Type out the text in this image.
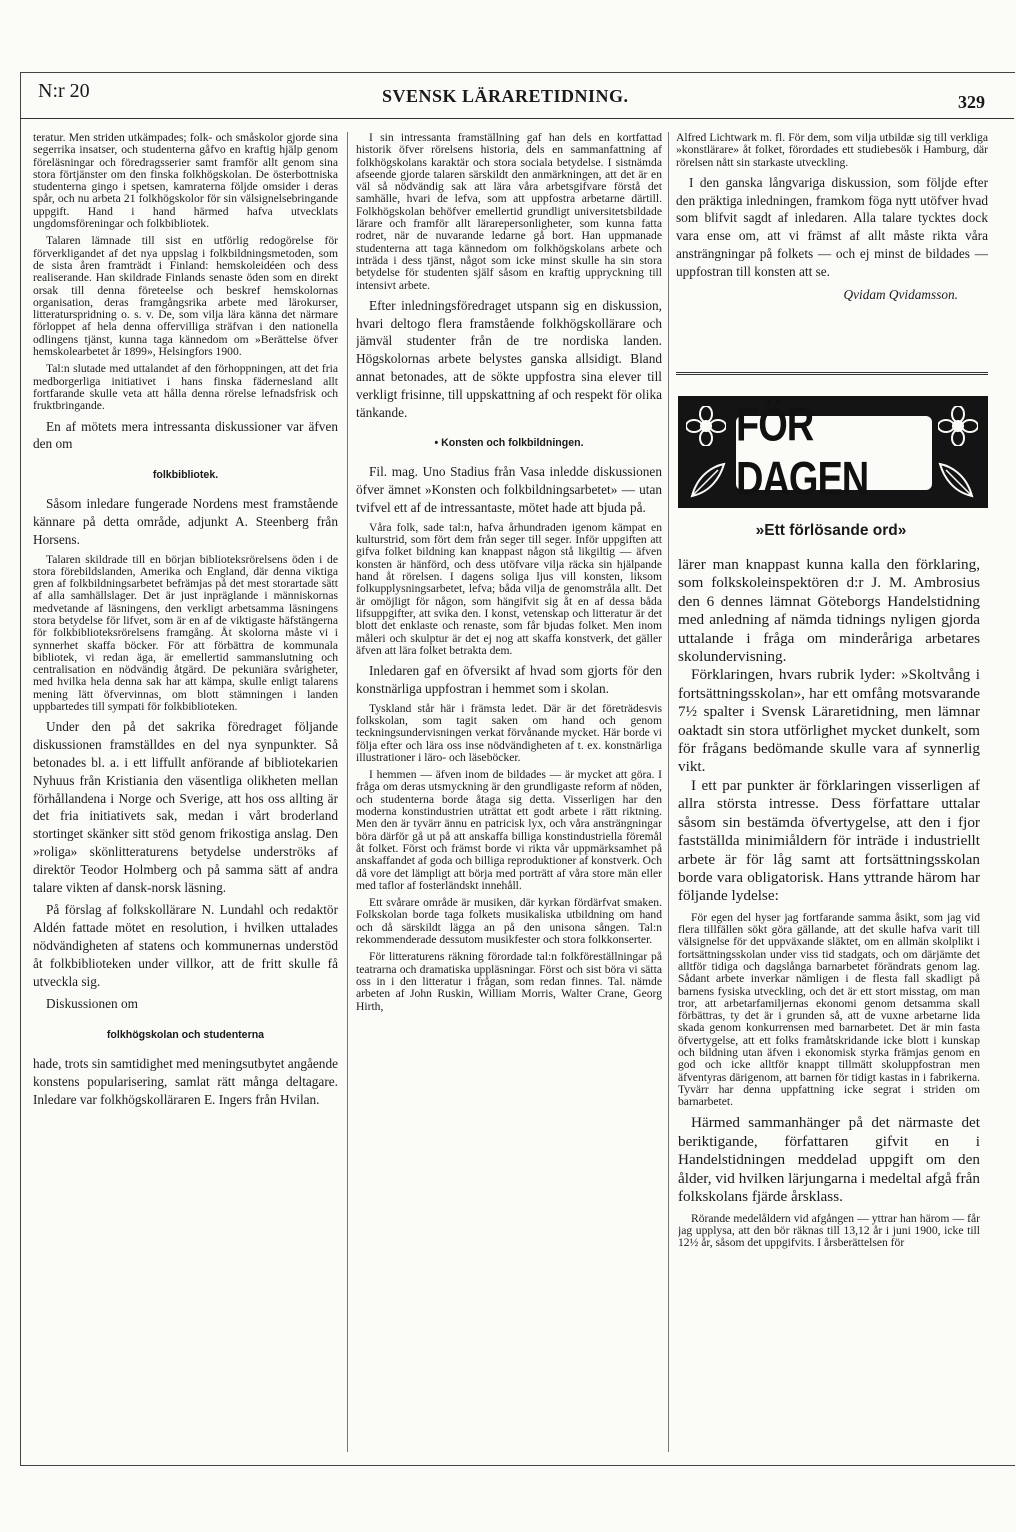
N:r 20	SVENSK LÄRARETIDNING.	329

teratur. Men striden utkämpades; folk- och småskolor gjorde sina segerrika insatser, och studenterna gåfvo en kraftig hjälp genom föreläsningar och föredragsserier samt framför allt genom sina stora förtjänster om den finska folkhögskolan. De österbottniska studenterna gingo i spetsen, kamraterna följde omsider i deras spår, och nu arbeta 21 folkhögskolor för sin välsignelsebringande uppgift. Hand i hand härmed hafva utvecklats ungdomsföreningar och folkbibliotek.

Talaren lämnade till sist en utförlig redogörelse för förverkligandet af det nya uppslag i folkbildningsmetoden, som de sista åren framträdt i Finland: hemskoleidéen och dess realiserande. Han skildrade Finlands senaste öden som en direkt orsak till denna företeelse och beskref hemskolornas organisation, deras framgångsrika arbete med lärokurser, litteraturspridning o. s. v. De, som vilja lära känna det närmare förloppet af hela denna offervilliga sträfvan i den nationella odlingens tjänst, kunna taga kännedom om »Berättelse öfver hemskolearbetet år 1899», Helsingfors 1900.

Tal:n slutade med uttalandet af den förhoppningen, att det fria medborgerliga initiativet i hans finska fädernesland allt fortfarande skulle veta att hålla denna rörelse lefnadsfrisk och fruktbringande.

En af mötets mera intressanta diskussioner var äfven den om

folkbibliotek.

Såsom inledare fungerade Nordens mest framstående kännare på detta område, adjunkt A. Steenberg från Horsens.

Talaren skildrade till en början biblioteksrörelsens öden i de stora förebildslanden, Amerika och England, där denna viktiga gren af folkbildningsarbetet befrämjas på det mest storartade sätt af alla samhällslager. Det är just inpräglande i människornas medvetande af läsningens, den verkligt arbetsamma läsningens stora betydelse för lifvet, som är en af de viktigaste häfstängerna för folkbiblioteksrörelsens framgång. Åt skolorna måste vi i synnerhet skaffa böcker. För att förbättra de kommunala bibliotek, vi redan äga, är emellertid sammanslutning och centralisation en nödvändig åtgärd. De pekuniära svårigheter, med hvilka hela denna sak har att kämpa, skulle enligt talarens mening lätt öfvervinnas, om blott stämningen i landen uppbartedes till sympati för folkbiblioteken.

Under den på det sakrika föredraget följande diskussionen framställdes en del nya synpunkter. Så betonades bl. a. i ett liffullt anförande af bibliotekarien Nyhuus från Kristiania den väsentliga olikheten mellan förhållandena i Norge och Sverige, att hos oss allting är det fria initiativets sak, medan i vårt broderland stortinget skänker sitt stöd genom frikostiga anslag. Den »roliga» skönlitteraturens betydelse underströks af direktör Teodor Holmberg och på samma sätt af andra talare vikten af dansk-norsk läsning.

På förslag af folkskollärare N. Lundahl och redaktör Aldén fattade mötet en resolution, i hvilken uttalades nödvändigheten af statens och kommunernas understöd åt folkbiblioteken under villkor, att de fritt skulle få utveckla sig.

Diskussionen om

folkhögskolan och studenterna

hade, trots sin samtidighet med meningsutbytet angående konstens popularisering, samlat rätt många deltagare. Inledare var folkhögskolläraren E. Ingers från Hvilan.

I sin intressanta framställning gaf han dels en kortfattad historik öfver rörelsens historia, dels en sammanfattning af folkhögskolans karaktär och stora sociala betydelse. I sistnämda afseende gjorde talaren särskildt den anmärkningen, att det är en väl så nödvändig sak att lära våra arbetsgifvare förstå det samhälle, hvari de lefva, som att uppfostra arbetarne därtill. Folkhögskolan behöfver emellertid grundligt universitetsbildade lärare och framför allt lärarepersonligheter, som kunna fatta rodret, när de nuvarande ledarne gå bort. Han uppmanade studenterna att taga kännedom om folkhögskolans arbete och inträda i dess tjänst, något som icke minst skulle ha sin stora betydelse för studenten själf såsom en kraftig uppryckning till intensivt arbete.

Efter inledningsföredraget utspann sig en diskussion, hvari deltogo flera framstående folkhögskollärare och jämväl studenter från de tre nordiska landen. Högskolornas arbete belystes ganska allsidigt. Bland annat betonades, att de sökte uppfostra sina elever till verkligt frisinne, till uppskattning af och respekt för olika tänkande.

• Konsten och folkbildningen.

Fil. mag. Uno Stadius från Vasa inledde diskussionen öfver ämnet »Konsten och folkbildningsarbetet» — utan tvifvel ett af de intressantaste, mötet hade att bjuda på.

Våra folk, sade tal:n, hafva århundraden igenom kämpat en kulturstrid, som fört dem från seger till seger. Inför uppgiften att gifva folket bildning kan knappast någon stå likgiltig — äfven konsten är hänförd, och dess utöfvare vilja räcka sin hjälpande hand åt rörelsen. I dagens soliga ljus vill konsten, liksom folkupplysningsarbetet, lefva; båda vilja de genomstråla allt. Det är omöjligt för någon, som hängifvit sig åt en af dessa båda lifsuppgifter, att svika den. I konst, vetenskap och litteratur är det blott det enklaste och renaste, som får bjudas folket. Men inom måleri och skulptur är det ej nog att skaffa konstverk, det gäller äfven att lära folket betrakta dem.

Inledaren gaf en öfversikt af hvad som gjorts för den konstnärliga uppfostran i hemmet som i skolan.

Tyskland står här i främsta ledet. Där är det företrädesvis folkskolan, som tagit saken om hand och genom teckningsundervisningen verkat förvånande mycket. Här borde vi följa efter och lära oss inse nödvändigheten af t. ex. konstnärliga illustrationer i läro- och läseböcker.

I hemmen — äfven inom de bildades — är mycket att göra. I fråga om deras utsmyckning är den grundligaste reform af nöden, och studenterna borde åtaga sig detta. Visserligen har den moderna konstindustrien uträttat ett godt arbete i rätt riktning. Men den är tyvärr ännu en patricisk lyx, och våra ansträngningar böra därför gå ut på att anskaffa billiga konstindustriella föremål åt folket. Först och främst borde vi rikta vår uppmärksamhet på anskaffandet af goda och billiga reproduktioner af konstverk. Och då vore det lämpligt att börja med porträtt af våra store män eller med taflor af fosterländskt innehåll.

Ett svårare område är musiken, där kyrkan fördärfvat smaken. Folkskolan borde taga folkets musikaliska utbildning om hand och då särskildt lägga an på den unisona sången. Tal:n rekommenderade dessutom musikfester och stora folkkonserter.

För litteraturens räkning förordade tal:n folkföreställningar på teatrarna och dramatiska uppläsningar. Först och sist böra vi sätta oss in i den litteratur i frågan, som redan finnes. Tal. nämde arbeten af John Ruskin, William Morris, Walter Crane, Georg Hirth,

Alfred Lichtwark m. fl. För dem, som vilja utbildæ sig till verkliga »konstlärare» åt folket, förordades ett studiebesök i Hamburg, där rörelsen nått sin starkaste utveckling.

I den ganska långvariga diskussion, som följde efter den präktiga inledningen, framkom föga nytt utöfver hvad som blifvit sagdt af inledaren. Alla talare tycktes dock vara ense om, att vi främst af allt måste rikta våra ansträngningar på folkets — och ej minst de bildades — uppfostran till konsten att se.

Qvidam Qvidamsson.

FÖR DAGEN
»Ett förlösande ord»

lärer man knappast kunna kalla den förklaring, som folkskoleinspektören d:r J. M. Ambrosius den 6 dennes lämnat Göteborgs Handelstidning med anledning af nämda tidnings nyligen gjorda uttalande i fråga om minderåriga arbetares skolundervisning.

Förklaringen, hvars rubrik lyder: »Skoltvång i fortsättningsskolan», har ett omfång motsvarande 7½ spalter i Svensk Läraretidning, men lämnar oaktadt sin stora utförlighet mycket dunkelt, som för frågans bedömande skulle vara af synnerlig vikt.

I ett par punkter är förklaringen visserligen af allra största intresse. Dess författare uttalar såsom sin bestämda öfvertygelse, att den i fjor fastställda minimiåldern för inträde i industriellt arbete är för låg samt att fortsättningsskolan borde vara obligatorisk. Hans yttrande härom har följande lydelse:

För egen del hyser jag fortfarande samma åsikt, som jag vid flera tillfällen sökt göra gällande, att det skulle hafva varit till välsignelse för det uppväxande släktet, om en allmän skolplikt i fortsättningsskolan under viss tid stadgats, och om därjämte det alltför tidiga och dagslånga barnarbetet förändrats genom lag. Sådant arbete inverkar nämligen i de flesta fall skadligt på barnens fysiska utveckling, och det är ett stort misstag, om man tror, att arbetarfamiljernas ekonomi genom detsamma skall förbättras, ty det är i grunden så, att de vuxne arbetarne lida skada genom konkurrensen med barnarbetet. Det är min fasta öfvertygelse, att ett folks framåtskridande icke blott i kunskap och bildning utan äfven i ekonomisk styrka främjas genom en god och icke alltför knappt tillmätt skoluppfostran men äfventyras därigenom, att barnen för tidigt kastas in i fabrikerna. Tyvärr har denna uppfattning icke segrat i striden om barnarbetet.

Härmed sammanhänger på det närmaste det beriktigande, författaren gifvit en i Handelstidningen meddelad uppgift om den ålder, vid hvilken lärjungarna i medeltal afgå från folkskolans fjärde årsklass.

Rörande medelåldern vid afgången — yttrar han härom — får jag upplysa, att den bör räknas till 13,12 år i juni 1900, icke till 12½ år, såsom det uppgifvits. I årsberättelsen för
